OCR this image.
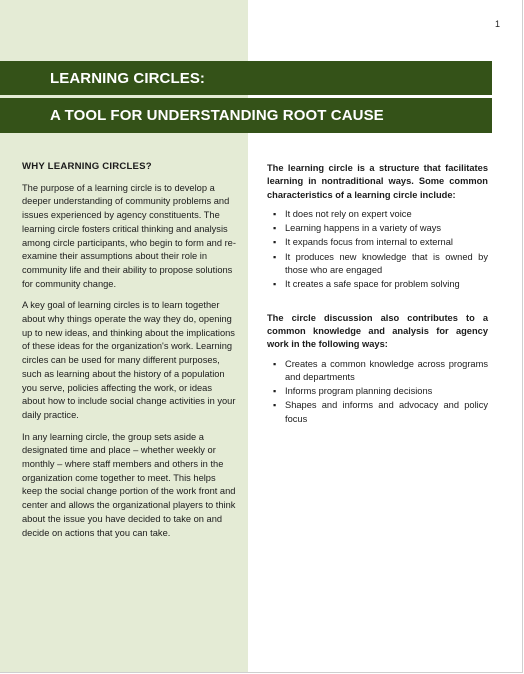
1
LEARNING CIRCLES:
A TOOL FOR UNDERSTANDING ROOT CAUSE
WHY LEARNING CIRCLES?

The purpose of a learning circle is to develop a deeper understanding of community problems and issues experienced by agency constituents. The learning circle fosters critical thinking and analysis among circle participants, who begin to form and re-examine their assumptions about their role in community life and their ability to propose solutions for community change.

A key goal of learning circles is to learn together about why things operate the way they do, opening up to new ideas, and thinking about the implications of these ideas for the organization's work. Learning circles can be used for many different purposes, such as learning about the history of a population you serve, policies affecting the work, or ideas about how to include social change activities in your daily practice.

In any learning circle, the group sets aside a designated time and place – whether weekly or monthly – where staff members and others in the organization come together to meet. This helps keep the social change portion of the work front and center and allows the organizational players to think about the issue you have decided to take on and decide on actions that you can take.

The learning circle is a structure that facilitates learning in nontraditional ways. Some common characteristics of a learning circle include:

▪ It does not rely on expert voice
▪ Learning happens in a variety of ways
▪ It expands focus from internal to external
▪ It produces new knowledge that is owned by those who are engaged
▪ It creates a safe space for problem solving

The circle discussion also contributes to a common knowledge and analysis for agency work in the following ways:

▪ Creates a common knowledge across programs and departments
▪ Informs program planning decisions
▪ Shapes and informs and advocacy and policy focus
